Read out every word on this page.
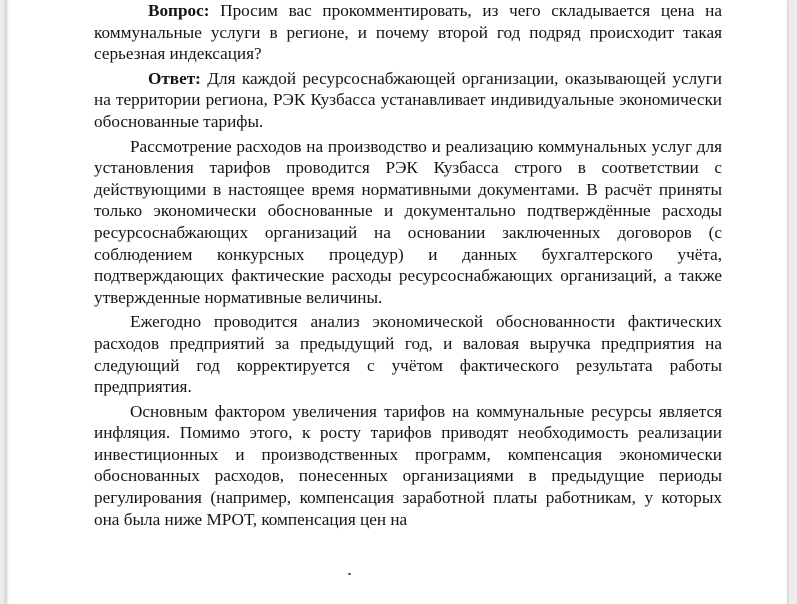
Вопрос: Просим вас прокомментировать, из чего складывается цена на коммунальные услуги в регионе, и почему второй год подряд происходит такая серьезная индексация?

Ответ: Для каждой ресурсоснабжающей организации, оказывающей услуги на территории региона, РЭК Кузбасса устанавливает индивидуальные экономически обоснованные тарифы.

Рассмотрение расходов на производство и реализацию коммунальных услуг для установления тарифов проводится РЭК Кузбасса строго в соответствии с действующими в настоящее время нормативными документами. В расчёт приняты только экономически обоснованные и документально подтверждённые расходы ресурсоснабжающих организаций на основании заключенных договоров (с соблюдением конкурсных процедур) и данных бухгалтерского учёта, подтверждающих фактические расходы ресурсоснабжающих организаций, а также утвержденные нормативные величины.

Ежегодно проводится анализ экономической обоснованности фактических расходов предприятий за предыдущий год, и валовая выручка предприятия на следующий год корректируется с учётом фактического результата работы предприятия.

Основным фактором увеличения тарифов на коммунальные ресурсы является инфляция. Помимо этого, к росту тарифов приводят необходимость реализации инвестиционных и производственных программ, компенсация экономически обоснованных расходов, понесенных организациями в предыдущие периоды регулирования (например, компенсация заработной платы работникам, у которых она была ниже МРОТ, компенсация цен на
